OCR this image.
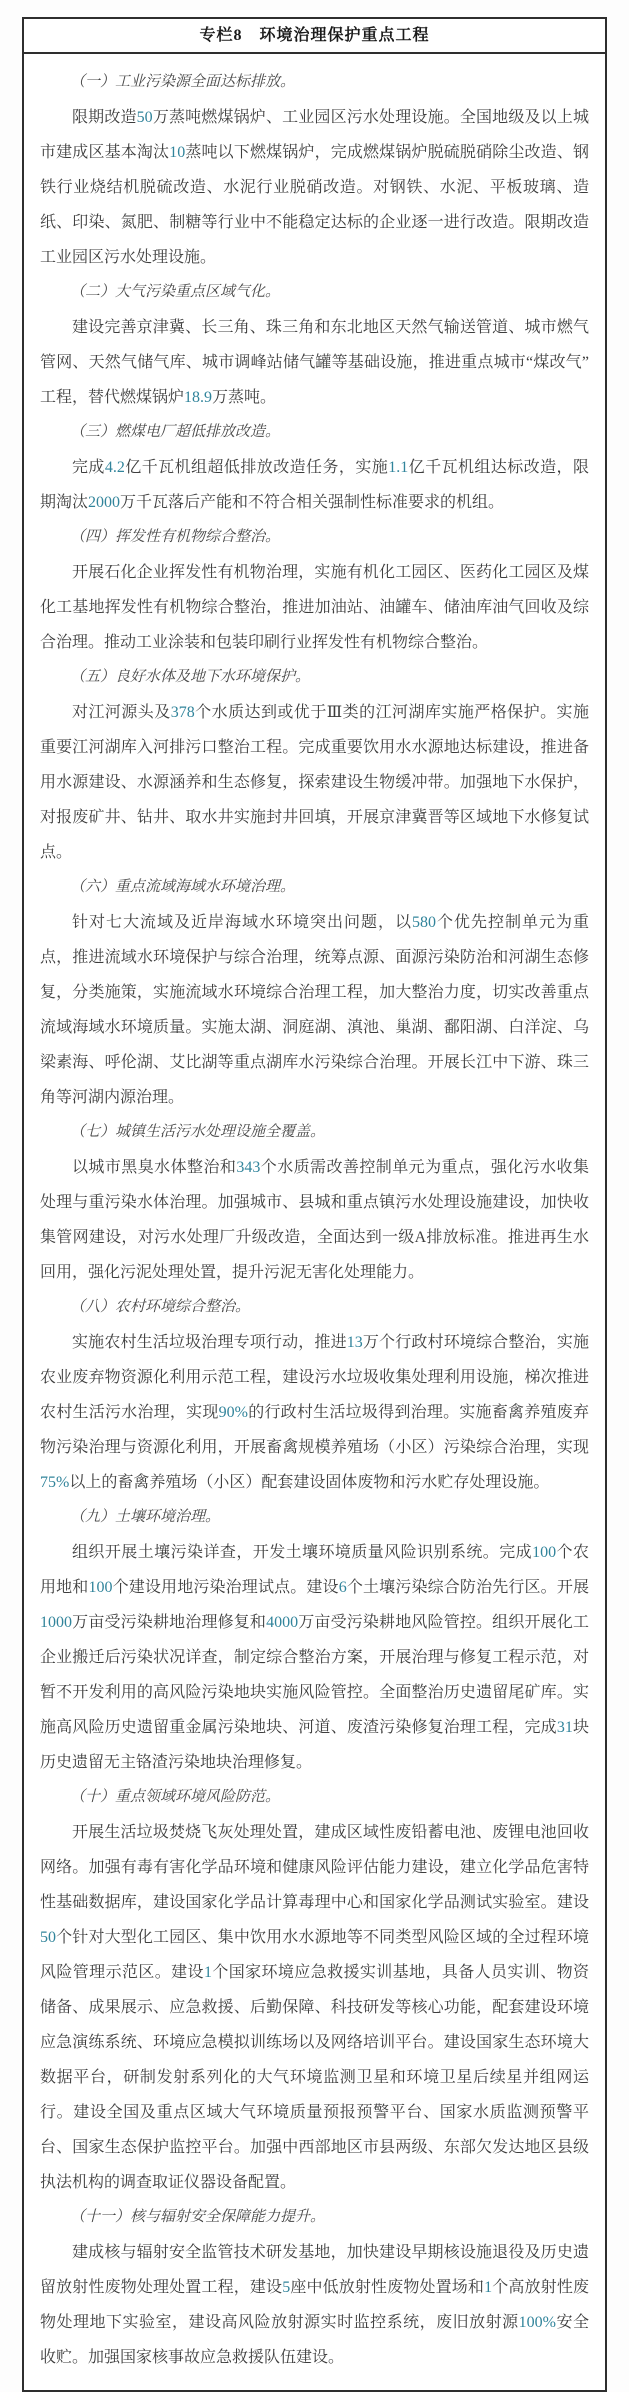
专栏8　环境治理保护重点工程

（一）工业污染源全面达标排放。

限期改造50万蒸吨燃煤锅炉、工业园区污水处理设施。全国地级及以上城市建成区基本淘汰10蒸吨以下燃煤锅炉，完成燃煤锅炉脱硫脱硝除尘改造、钢铁行业烧结机脱硫改造、水泥行业脱硝改造。对钢铁、水泥、平板玻璃、造纸、印染、氮肥、制糖等行业中不能稳定达标的企业逐一进行改造。限期改造工业园区污水处理设施。

（二）大气污染重点区域气化。

建设完善京津冀、长三角、珠三角和东北地区天然气输送管道、城市燃气管网、天然气储气库、城市调峰站储气罐等基础设施，推进重点城市“煤改气”工程，替代燃煤锅炉18.9万蒸吨。

（三）燃煤电厂超低排放改造。

完成4.2亿千瓦机组超低排放改造任务，实施1.1亿千瓦机组达标改造，限期淘汰2000万千瓦落后产能和不符合相关强制性标准要求的机组。

（四）挥发性有机物综合整治。

开展石化企业挥发性有机物治理，实施有机化工园区、医药化工园区及煤化工基地挥发性有机物综合整治，推进加油站、油罐车、储油库油气回收及综合治理。推动工业涂装和包装印刷行业挥发性有机物综合整治。

（五）良好水体及地下水环境保护。

对江河源头及378个水质达到或优于Ⅲ类的江河湖库实施严格保护。实施重要江河湖库入河排污口整治工程。完成重要饮用水水源地达标建设，推进备用水源建设、水源涵养和生态修复，探索建设生物缓冲带。加强地下水保护，对报废矿井、钻井、取水井实施封井回填，开展京津冀晋等区域地下水修复试点。

（六）重点流域海域水环境治理。

针对七大流域及近岸海域水环境突出问题，以580个优先控制单元为重点，推进流域水环境保护与综合治理，统筹点源、面源污染防治和河湖生态修复，分类施策，实施流域水环境综合治理工程，加大整治力度，切实改善重点流域海域水环境质量。实施太湖、洞庭湖、滇池、巢湖、鄱阳湖、白洋淀、乌梁素海、呼伦湖、艾比湖等重点湖库水污染综合治理。开展长江中下游、珠三角等河湖内源治理。

（七）城镇生活污水处理设施全覆盖。

以城市黑臭水体整治和343个水质需改善控制单元为重点，强化污水收集处理与重污染水体治理。加强城市、县城和重点镇污水处理设施建设，加快收集管网建设，对污水处理厂升级改造，全面达到一级A排放标准。推进再生水回用，强化污泥处理处置，提升污泥无害化处理能力。

（八）农村环境综合整治。

实施农村生活垃圾治理专项行动，推进13万个行政村环境综合整治，实施农业废弃物资源化利用示范工程，建设污水垃圾收集处理利用设施，梯次推进农村生活污水治理，实现90%的行政村生活垃圾得到治理。实施畜禽养殖废弃物污染治理与资源化利用，开展畜禽规模养殖场（小区）污染综合治理，实现75%以上的畜禽养殖场（小区）配套建设固体废物和污水贮存处理设施。

（九）土壤环境治理。

组织开展土壤污染详查，开发土壤环境质量风险识别系统。完成100个农用地和100个建设用地污染治理试点。建设6个土壤污染综合防治先行区。开展1000万亩受污染耕地治理修复和4000万亩受污染耕地风险管控。组织开展化工企业搬迁后污染状况详查，制定综合整治方案，开展治理与修复工程示范，对暂不开发利用的高风险污染地块实施风险管控。全面整治历史遗留尾矿库。实施高风险历史遗留重金属污染地块、河道、废渣污染修复治理工程，完成31块历史遗留无主铬渣污染地块治理修复。

（十）重点领域环境风险防范。

开展生活垃圾焚烧飞灰处理处置，建成区域性废铅蓄电池、废锂电池回收网络。加强有毒有害化学品环境和健康风险评估能力建设，建立化学品危害特性基础数据库，建设国家化学品计算毒理中心和国家化学品测试实验室。建设50个针对大型化工园区、集中饮用水水源地等不同类型风险区域的全过程环境风险管理示范区。建设1个国家环境应急救援实训基地，具备人员实训、物资储备、成果展示、应急救援、后勤保障、科技研发等核心功能，配套建设环境应急演练系统、环境应急模拟训练场以及网络培训平台。建设国家生态环境大数据平台，研制发射系列化的大气环境监测卫星和环境卫星后续星并组网运行。建设全国及重点区域大气环境质量预报预警平台、国家水质监测预警平台、国家生态保护监控平台。加强中西部地区市县两级、东部欠发达地区县级执法机构的调查取证仪器设备配置。

（十一）核与辐射安全保障能力提升。

建成核与辐射安全监管技术研发基地，加快建设早期核设施退役及历史遗留放射性废物处理处置工程，建设5座中低放射性废物处置场和1个高放射性废物处理地下实验室，建设高风险放射源实时监控系统，废旧放射源100%安全收贮。加强国家核事故应急救援队伍建设。
